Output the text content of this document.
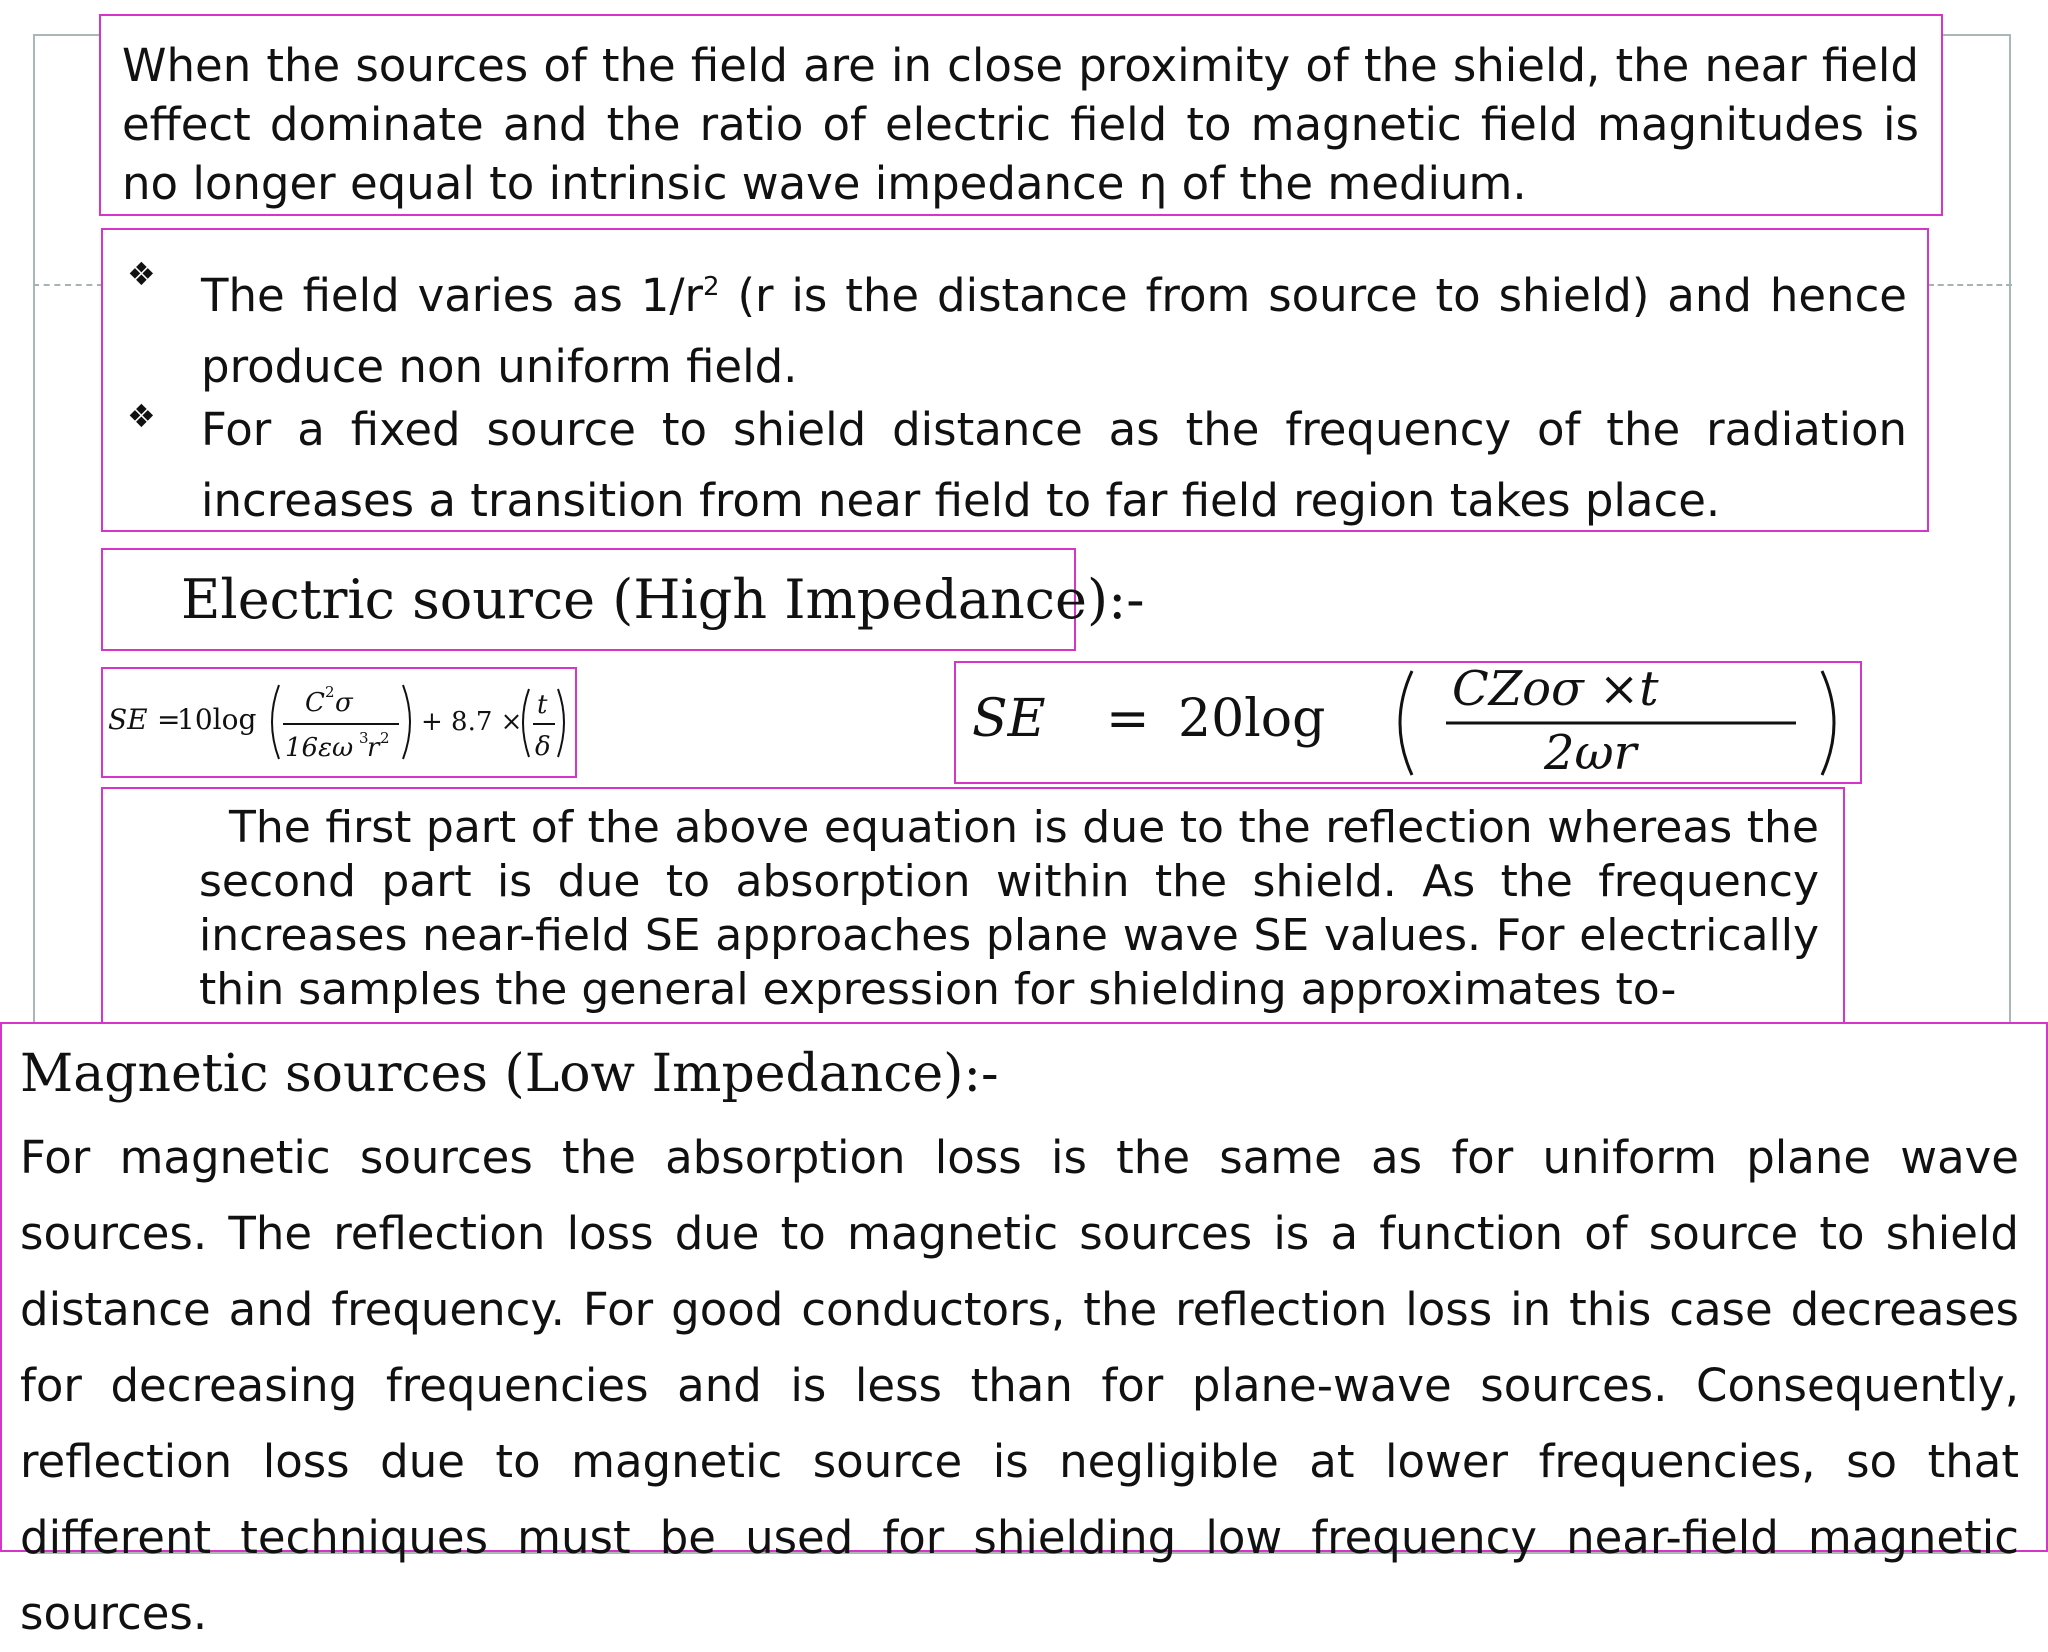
When the sources of the field are in close proximity of the shield, the near field effect dominate and the ratio of electric field to magnetic field magnitudes is no longer equal to intrinsic wave impedance η of the medium.
❖ The field varies as $1/r^2$ (r is the distance from source to shield) and hence produce non uniform field.
❖ For a fixed source to shield distance as the frequency of the radiation increases a transition from near field to far field region takes place.
Electric source (High Impedance):-
SE =
10log C 2 σ
16εω 3
r 2
+ 8.7 ×
t
δ	SE = 20log	CZoσ ×t
2ωr
The first part of the above equation is due to the reflection whereas the second part is due to absorption within the shield. As the frequency increases near-field SE approaches plane wave SE values. For electrically thin samples the general expression for shielding approximates to-
Magnetic sources (Low Impedance):-
For magnetic sources the absorption loss is the same as for uniform plane wave sources. The reflection loss due to magnetic sources is a function of source to shield distance and frequency. For good conductors, the reflection loss in this case decreases for decreasing frequencies and is less than for plane-wave sources. Consequently, reflection loss due to magnetic source is negligible at lower frequencies, so that different techniques must be used for shielding low frequency near-field magnetic sources.
